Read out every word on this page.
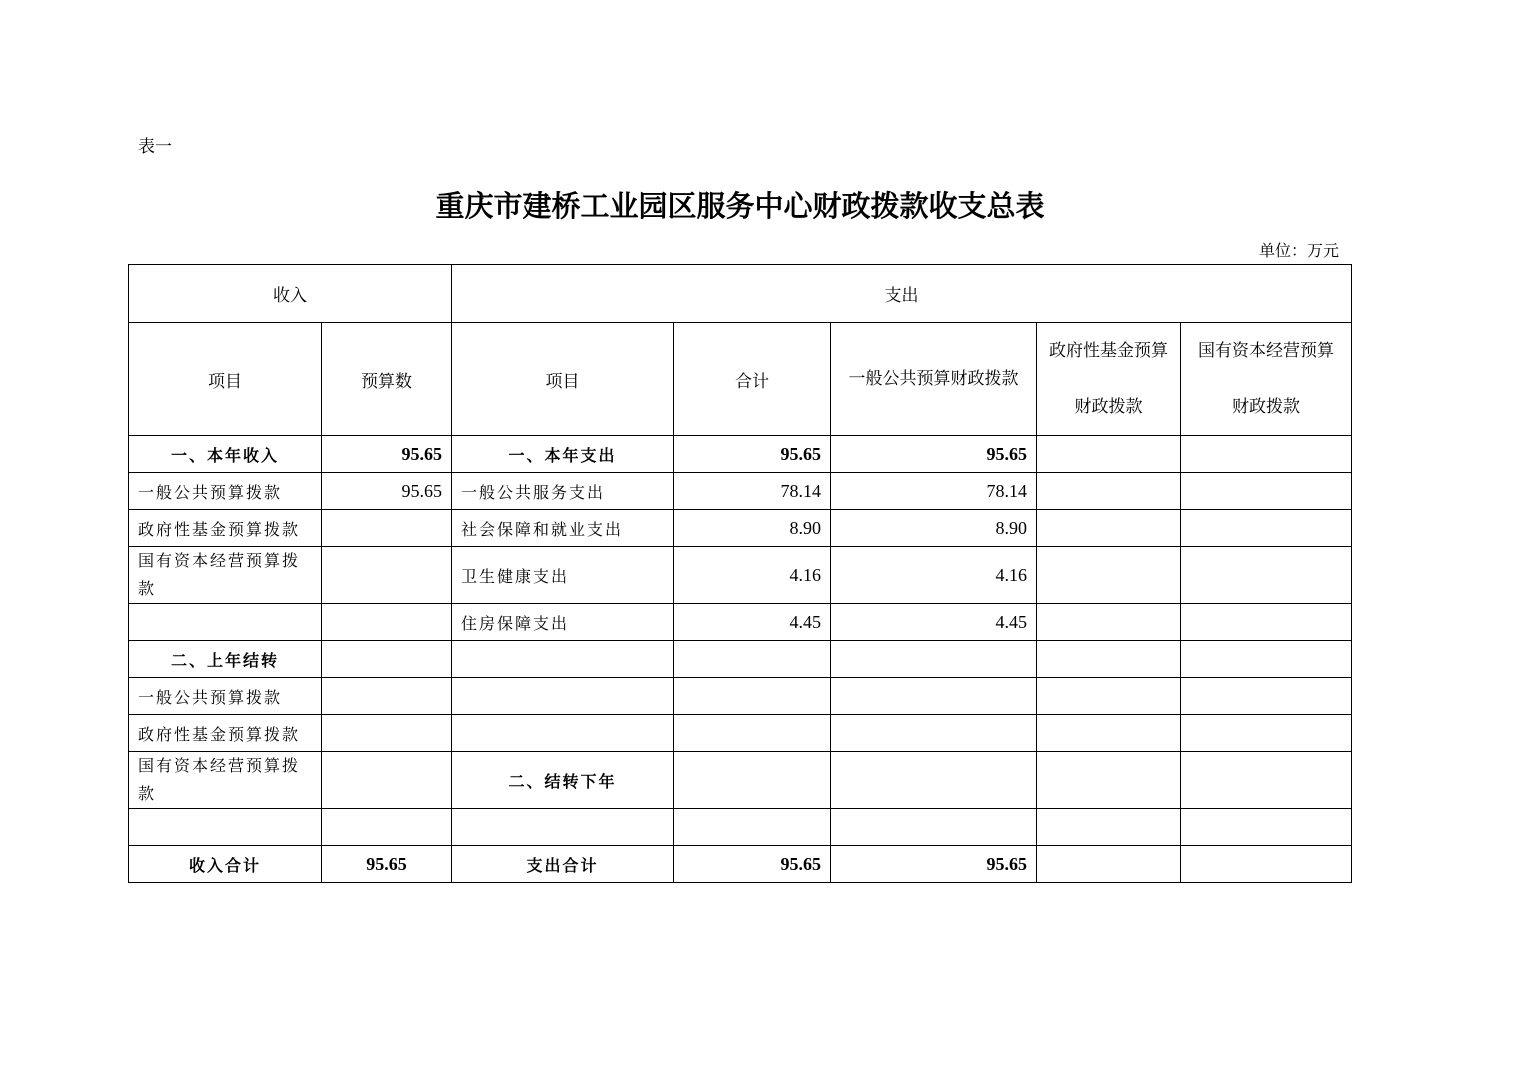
表一
重庆市建桥工业园区服务中心财政拨款收支总表
单位：万元
收入		支出				
项目	预算数	项目	合计	一般公共预算财政拨款	政府性基金预算财政拨款	国有资本经营预算财政拨款
一、本年收入	95.65	一、本年支出	95.65	95.65		
一般公共预算拨款	95.65	一般公共服务支出	78.14	78.14		
政府性基金预算拨款		社会保障和就业支出	8.90	8.90		
国有资本经营预算拨款		卫生健康支出	4.16	4.16		
		住房保障支出	4.45	4.45		
二、上年结转						
一般公共预算拨款						
政府性基金预算拨款						
国有资本经营预算拨款		二、结转下年				

收入合计	95.65	支出合计	95.65	95.65		
